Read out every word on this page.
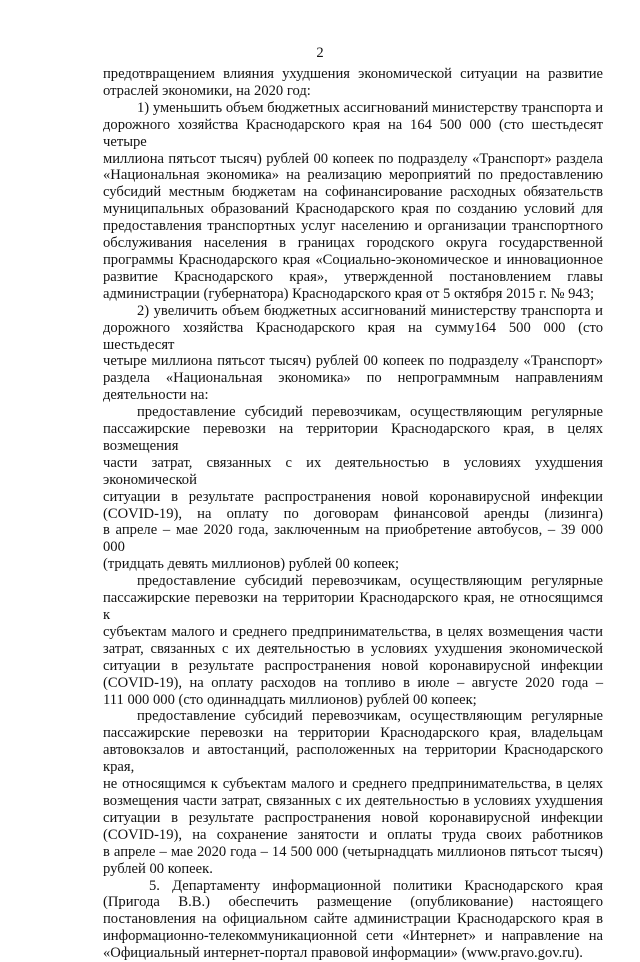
2

предотвращением влияния ухудшения экономической ситуации на развитие

отраслей экономики, на 2020 год:

1) уменьшить объем бюджетных ассигнований министерству транспорта и

дорожного хозяйства Краснодарского края на 164 500 000 (сто шестьдесят четыре

миллиона пятьсот тысяч) рублей 00 копеек по подразделу «Транспорт» раздела

«Национальная экономика» на реализацию мероприятий по предоставлению

субсидий местным бюджетам на софинансирование расходных обязательств

муниципальных образований Краснодарского края по созданию условий для

предоставления транспортных услуг населению и организации транспортного

обслуживания населения в границах городского округа государственной

программы Краснодарского края «Социально-экономическое и инновационное

развитие Краснодарского края», утвержденной постановлением главы

администрации (губернатора) Краснодарского края от 5 октября 2015 г. № 943;

2) увеличить объем бюджетных ассигнований министерству транспорта и

дорожного хозяйства Краснодарского края на сумму164 500 000 (сто шестьдесят

четыре миллиона пятьсот тысяч) рублей 00 копеек по подразделу «Транспорт»

раздела «Национальная экономика» по непрограммным направлениям

деятельности на:

предоставление субсидий перевозчикам, осуществляющим регулярные

пассажирские перевозки на территории Краснодарского края, в целях возмещения

части затрат, связанных с их деятельностью в условиях ухудшения экономической

ситуации в результате распространения новой коронавирусной инфекции

(COVID-19), на оплату по договорам финансовой аренды (лизинга)

в апреле – мае 2020 года, заключенным на приобретение автобусов, – 39 000 000

(тридцать девять миллионов) рублей 00 копеек;

предоставление субсидий перевозчикам, осуществляющим регулярные

пассажирские перевозки на территории Краснодарского края, не относящимся к

субъектам малого и среднего предпринимательства, в целях возмещения части

затрат, связанных с их деятельностью в условиях ухудшения экономической

ситуации в результате распространения новой коронавирусной инфекции

(COVID-19), на оплату расходов на топливо в июле – августе 2020 года –

111 000 000 (сто одиннадцать миллионов) рублей 00 копеек;

предоставление субсидий перевозчикам, осуществляющим регулярные

пассажирские перевозки на территории Краснодарского края, владельцам

автовокзалов и автостанций, расположенных на территории Краснодарского края,

не относящимся к субъектам малого и среднего предпринимательства, в целях

возмещения части затрат, связанных с их деятельностью в условиях ухудшения

ситуации в результате распространения новой коронавирусной инфекции

(COVID-19), на сохранение занятости и оплаты труда своих работников

в апреле – мае 2020 года – 14 500 000 (четырнадцать миллионов пятьсот тысяч)

рублей 00 копеек.

5. Департаменту информационной политики Краснодарского края

(Пригода В.В.) обеспечить размещение (опубликование) настоящего

постановления на официальном сайте администрации Краснодарского края в

информационно-телекоммуникационной сети «Интернет» и направление на

«Официальный интернет-портал правовой информации» (www.pravo.gov.ru).
